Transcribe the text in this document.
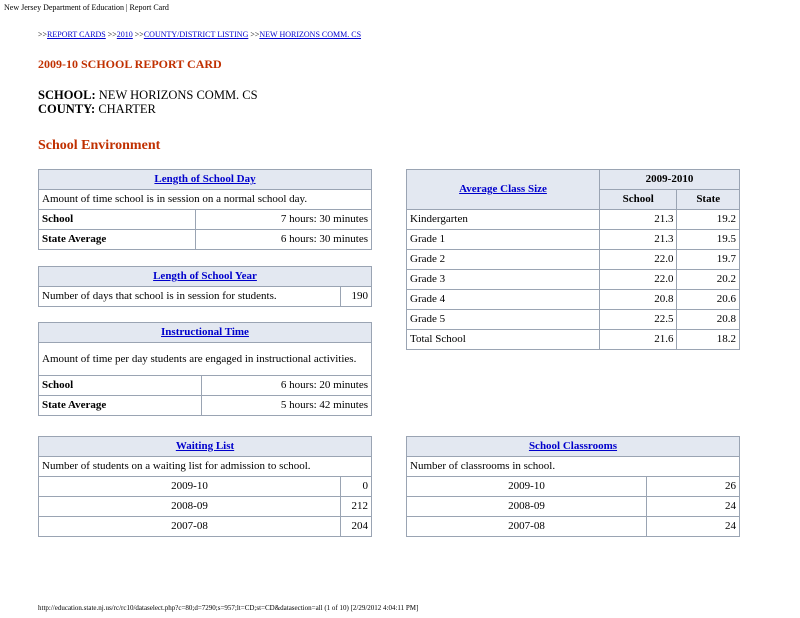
New Jersey Department of Education | Report Card
>>REPORT CARDS >>2010 >>COUNTY/DISTRICT LISTING >>NEW HORIZONS COMM. CS
2009-10 SCHOOL REPORT CARD
SCHOOL: NEW HORIZONS COMM. CS
COUNTY: CHARTER
School Environment
Length of School Day	
Amount of time school is in session on a normal school day.	
School	7 hours: 30 minutes
State Average	6 hours: 30 minutes
Length of School Year
Number of days that school is in session for students.	190
Instructional Time	
Amount of time per day students are engaged in instructional activities.	
School	6 hours: 20 minutes
State Average	5 hours: 42 minutes
Average Class Size	2009-2010	
	School	State
Kindergarten	21.3	19.2
Grade 1	21.3	19.5
Grade 2	22.0	19.7
Grade 3	22.0	20.2
Grade 4	20.8	20.6
Grade 5	22.5	20.8
Total School	21.6	18.2
Waiting List	
Number of students on a waiting list for admission to school.	
2009-10	0
2008-09	212
2007-08	204
School Classrooms	
Number of classrooms in school.	
2009-10	26
2008-09	24
2007-08	24
http://education.state.nj.us/rc/rc10/dataselect.php?c=80;d=7290;s=957;lt=CD;st=CD&datasection=all (1 of 10) [2/29/2012 4:04:11 PM]
